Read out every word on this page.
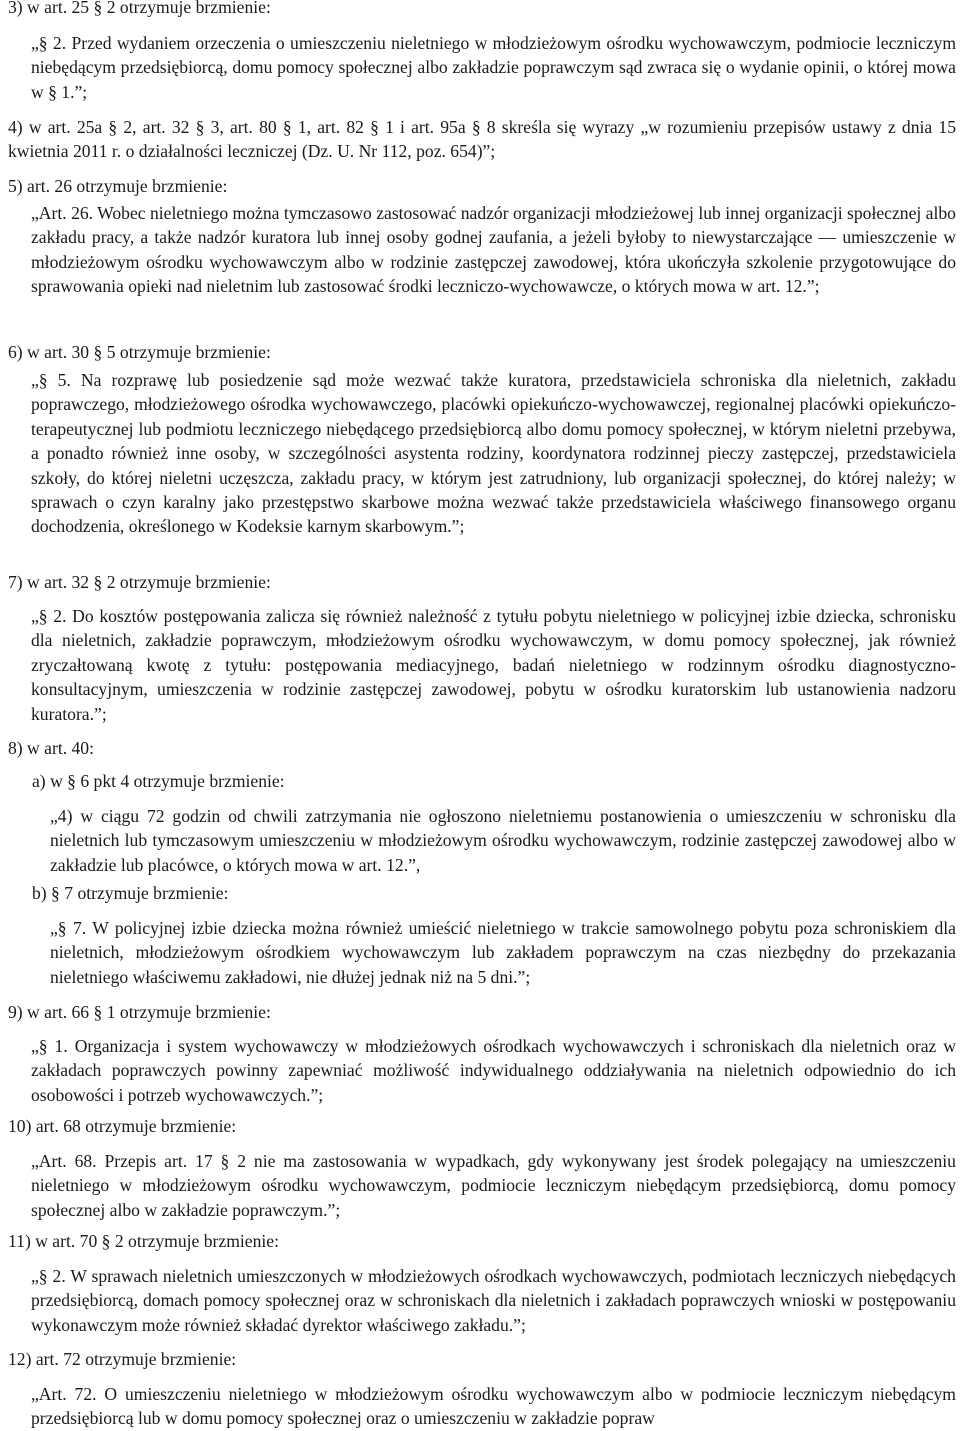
3) w art. 25 § 2 otrzymuje brzmienie:

„§ 2. Przed wydaniem orzeczenia o umieszczeniu nieletniego w młodzieżowym ośrodku wychowawczym, podmiocie leczniczym niebędącym przedsiębiorcą, domu pomocy społecznej albo zakładzie poprawczym sąd zwraca się o wydanie opinii, o której mowa w § 1.”;

4) w art. 25a § 2, art. 32 § 3, art. 80 § 1, art. 82 § 1 i art. 95a § 8 skreśla się wyrazy „w rozumieniu przepisów ustawy z dnia 15 kwietnia 2011 r. o działalności leczniczej (Dz. U. Nr 112, poz. 654)”;

5) art. 26 otrzymuje brzmienie:

„Art. 26. Wobec nieletniego można tymczasowo zastosować nadzór organizacji młodzieżowej lub innej organizacji społecznej albo zakładu pracy, a także nadzór kuratora lub innej osoby godnej zaufania, a jeżeli byłoby to niewystarczające — umieszczenie w młodzieżowym ośrodku wychowawczym albo w rodzinie zastępczej zawodowej, która ukończyła szkolenie przygotowujące do sprawowania opieki nad nieletnim lub zastosować środki leczniczo-wychowawcze, o których mowa w art. 12.”;

6) w art. 30 § 5 otrzymuje brzmienie:

„§ 5. Na rozprawę lub posiedzenie sąd może wezwać także kuratora, przedstawiciela schroniska dla nieletnich, zakładu poprawczego, młodzieżowego ośrodka wychowawczego, placówki opiekuńczo-wychowawczej, regionalnej placówki opiekuńczo-terapeutycznej lub podmiotu leczniczego niebędącego przedsiębiorcą albo domu pomocy społecznej, w którym nieletni przebywa, a ponadto również inne osoby, w szczególności asystenta rodziny, koordynatora rodzinnej pieczy zastępczej, przedstawiciela szkoły, do której nieletni uczęszcza, zakładu pracy, w którym jest zatrudniony, lub organizacji społecznej, do której należy; w sprawach o czyn karalny jako przestępstwo skarbowe można wezwać także przedstawiciela właściwego finansowego organu dochodzenia, określonego w Kodeksie karnym skarbowym.”;

7) w art. 32 § 2 otrzymuje brzmienie:

„§ 2. Do kosztów postępowania zalicza się również należność z tytułu pobytu nieletniego w policyjnej izbie dziecka, schronisku dla nieletnich, zakładzie poprawczym, młodzieżowym ośrodku wychowawczym, w domu pomocy społecznej, jak również zryczałtowaną kwotę z tytułu: postępowania mediacyjnego, badań nieletniego w rodzinnym ośrodku diagnostyczno-konsultacyjnym, umieszczenia w rodzinie zastępczej zawodowej, pobytu w ośrodku kuratorskim lub ustanowienia nadzoru kuratora.”;

8) w art. 40:

a) w § 6 pkt 4 otrzymuje brzmienie:

„4) w ciągu 72 godzin od chwili zatrzymania nie ogłoszono nieletniemu postanowienia o umieszczeniu w schronisku dla nieletnich lub tymczasowym umieszczeniu w młodzieżowym ośrodku wychowawczym, rodzinie zastępczej zawodowej albo w zakładzie lub placówce, o których mowa w art. 12.”,

b) § 7 otrzymuje brzmienie:

„§ 7. W policyjnej izbie dziecka można również umieścić nieletniego w trakcie samowolnego pobytu poza schroniskiem dla nieletnich, młodzieżowym ośrodkiem wychowawczym lub zakładem poprawczym na czas niezbędny do przekazania nieletniego właściwemu zakładowi, nie dłużej jednak niż na 5 dni.”;

9) w art. 66 § 1 otrzymuje brzmienie:

„§ 1. Organizacja i system wychowawczy w młodzieżowych ośrodkach wychowawczych i schroniskach dla nieletnich oraz w zakładach poprawczych powinny zapewniać możliwość indywidualnego oddziaływania na nieletnich odpowiednio do ich osobowości i potrzeb wychowawczych.”;

10) art. 68 otrzymuje brzmienie:

„Art. 68. Przepis art. 17 § 2 nie ma zastosowania w wypadkach, gdy wykonywany jest środek polegający na umieszczeniu nieletniego w młodzieżowym ośrodku wychowawczym, podmiocie leczniczym niebędącym przedsiębiorcą, domu pomocy społecznej albo w zakładzie poprawczym.”;

11) w art. 70 § 2 otrzymuje brzmienie:

„§ 2. W sprawach nieletnich umieszczonych w młodzieżowych ośrodkach wychowawczych, podmiotach leczniczych niebędących przedsiębiorcą, domach pomocy społecznej oraz w schroniskach dla nieletnich i zakładach poprawczych wnioski w postępowaniu wykonawczym może również składać dyrektor właściwego zakładu.”;

12) art. 72 otrzymuje brzmienie:

„Art. 72. O umieszczeniu nieletniego w młodzieżowym ośrodku wychowawczym albo w podmiocie leczniczym niebędącym przedsiębiorcą lub w domu pomocy społecznej oraz o umieszczeniu w zakładzie popraw
